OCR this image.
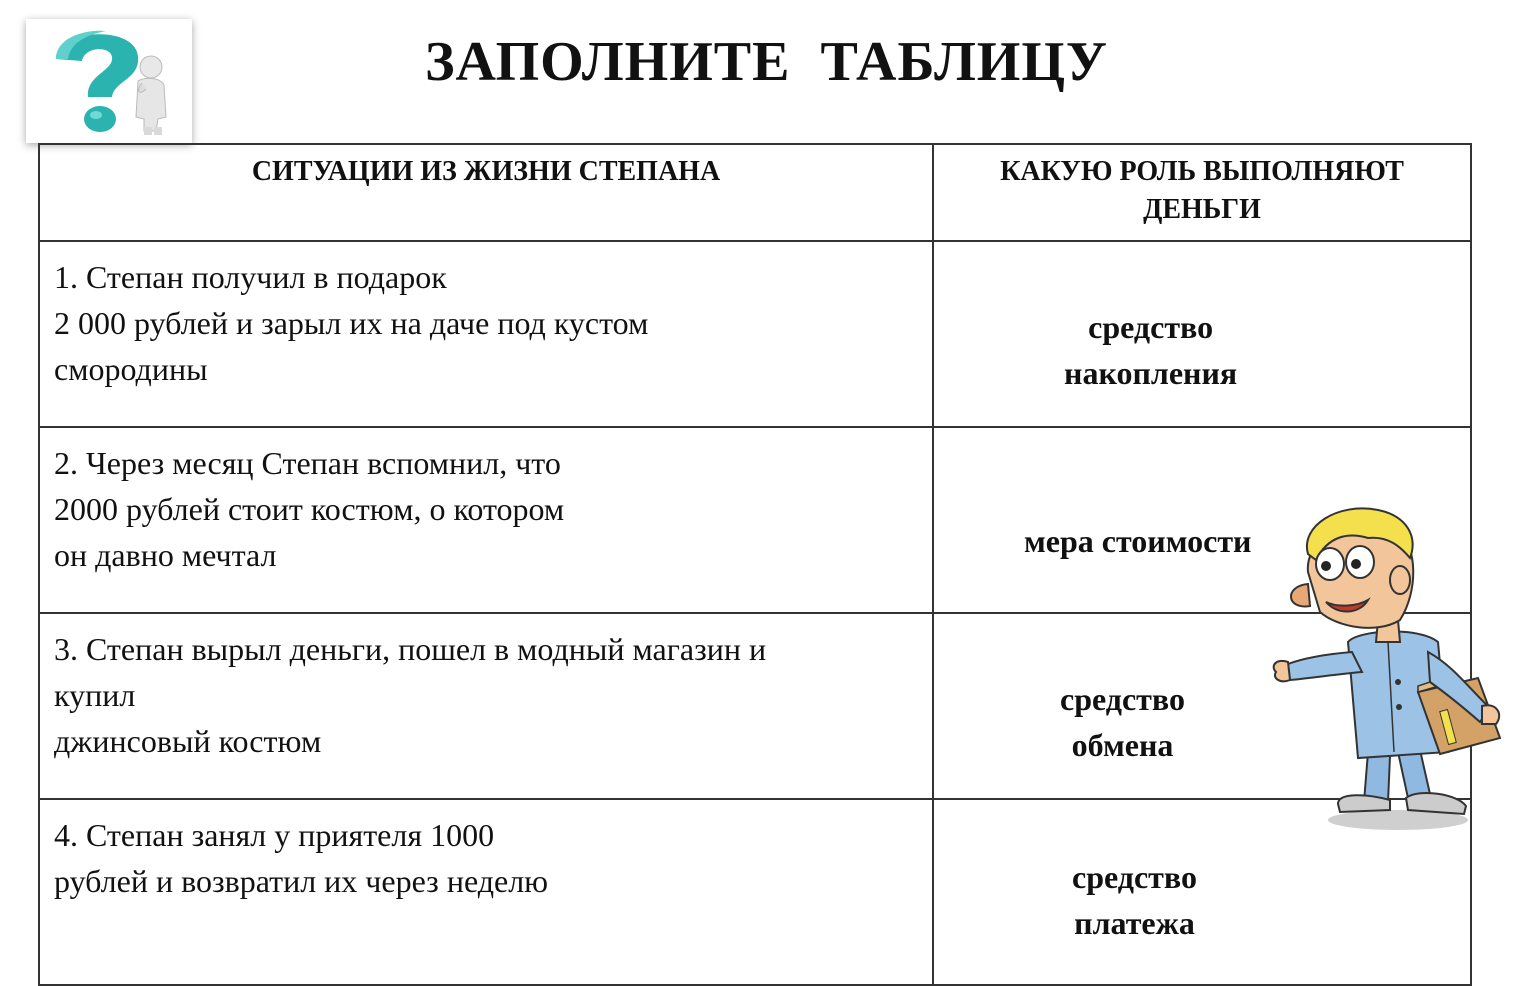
ЗАПОЛНИТЕ  ТАБЛИЦУ
СИТУАЦИИ ИЗ ЖИЗНИ СТЕПАНА	КАКУЮ РОЛЬ ВЫПОЛНЯЮТ
ДЕНЬГИ
1. Степан получил в подарок
2 000 рублей и зарыл их на даче под кустом
смородины	средство
накопления

2. Через месяц Степан вспомнил, что
2000 рублей стоит костюм, о котором
он давно мечтал	мера стоимости

3. Степан вырыл деньги, пошел в модный магазин и
купил
джинсовый костюм	средство
обмена

4. Степан занял у приятеля 1000
рублей и возвратил их через неделю	средство
платежа
